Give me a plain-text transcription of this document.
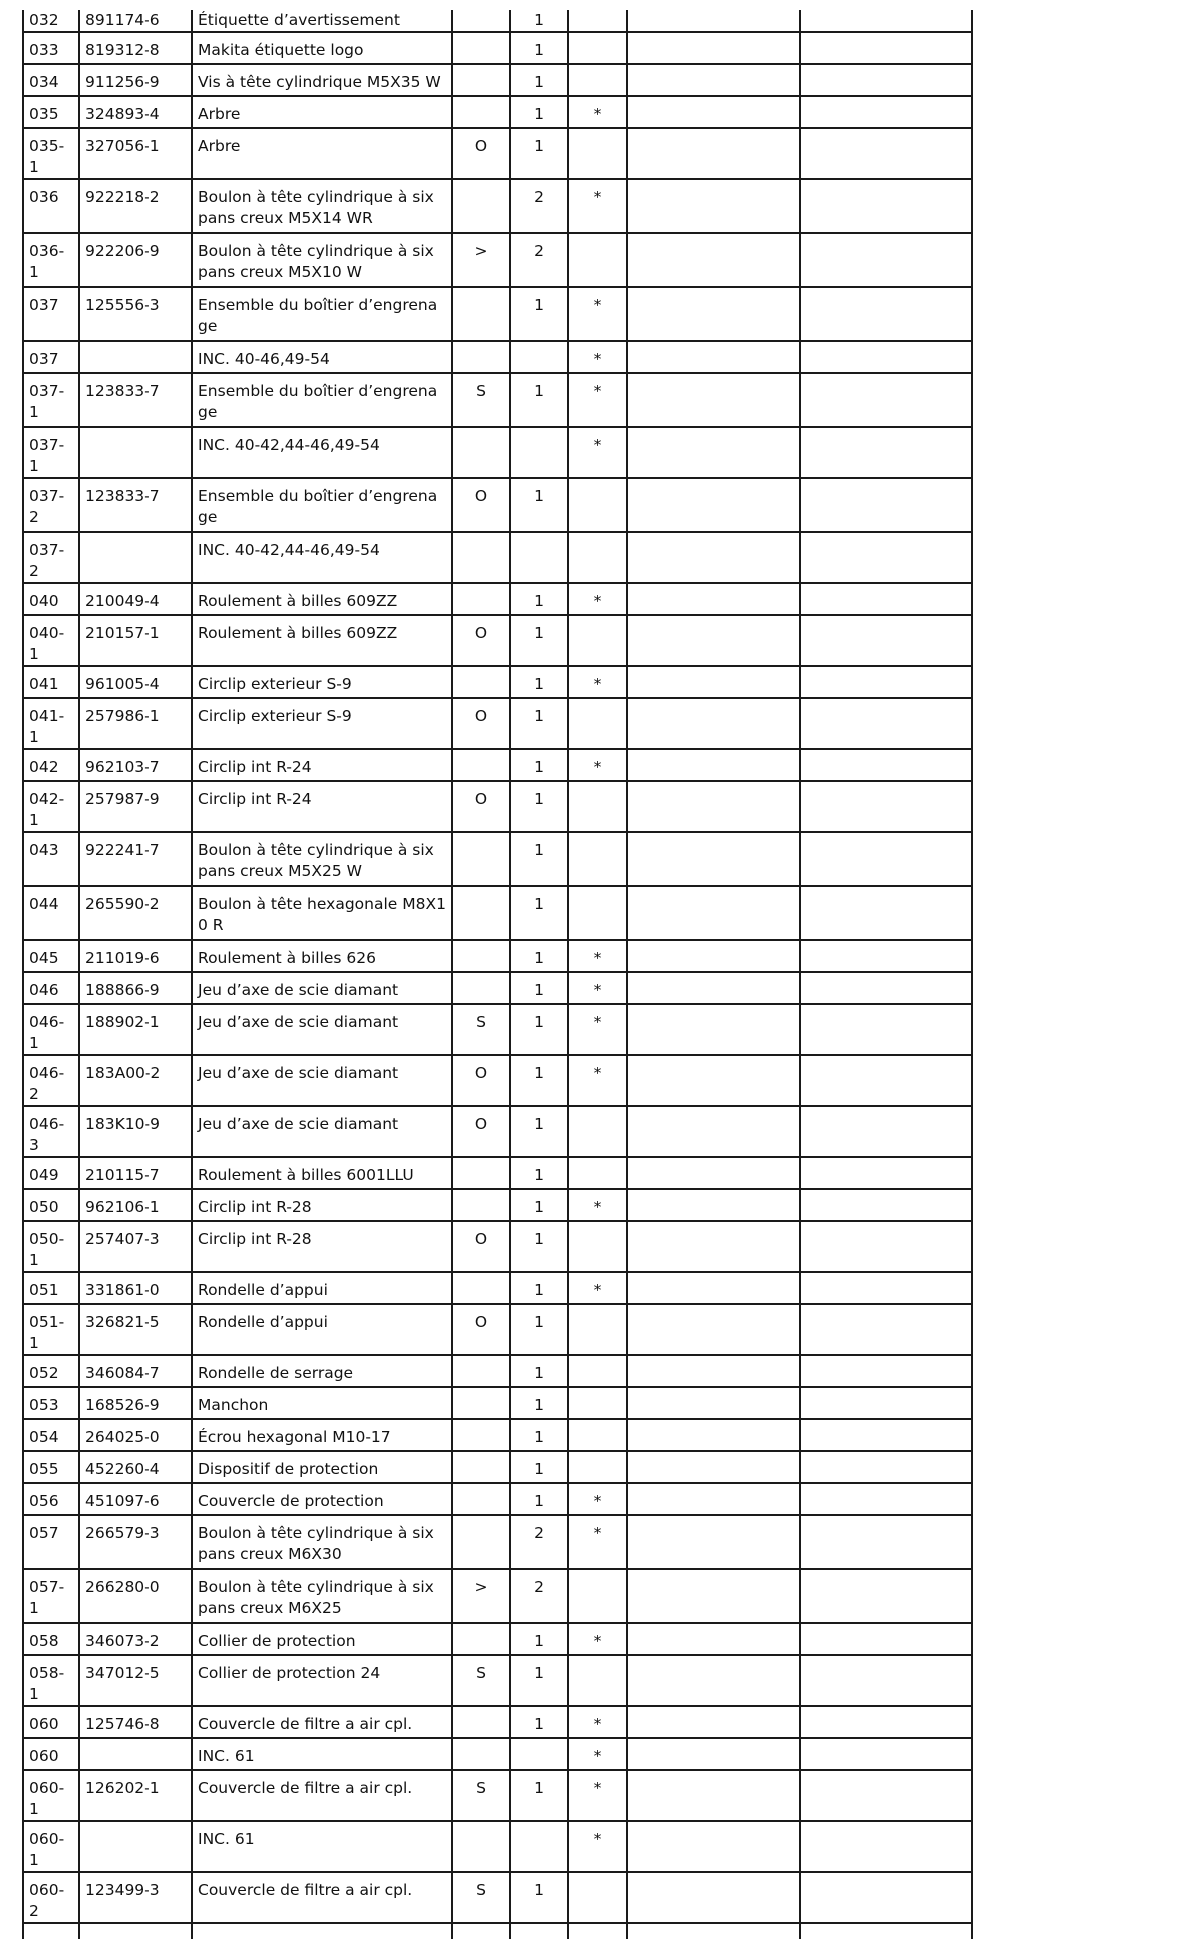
032	891174-6	Étiquette d’avertissement		1			
033	819312-8	Makita étiquette logo		1			
034	911256-9	Vis à tête cylindrique M5X35 W		1			
035	324893-4	Arbre		1	*		
035-1	327056-1	Arbre	O	1			
036	922218-2	Boulon à tête cylindrique à six pans creux M5X14 WR		2	*		
036-1	922206-9	Boulon à tête cylindrique à six pans creux M5X10 W	>	2			
037	125556-3	Ensemble du boîtier d’engrenage		1	*		
037		INC. 40-46,49-54			*		
037-1	123833-7	Ensemble du boîtier d’engrenage	S	1	*		
037-1		INC. 40-42,44-46,49-54			*		
037-2	123833-7	Ensemble du boîtier d’engrenage	O	1			
037-2		INC. 40-42,44-46,49-54					
040	210049-4	Roulement à billes 609ZZ		1	*		
040-1	210157-1	Roulement à billes 609ZZ	O	1			
041	961005-4	Circlip exterieur S-9		1	*		
041-1	257986-1	Circlip exterieur S-9	O	1			
042	962103-7	Circlip int R-24		1	*		
042-1	257987-9	Circlip int R-24	O	1			
043	922241-7	Boulon à tête cylindrique à six pans creux M5X25 W		1			
044	265590-2	Boulon à tête hexagonale M8X10 R		1			
045	211019-6	Roulement à billes 626		1	*		
046	188866-9	Jeu d’axe de scie diamant		1	*		
046-1	188902-1	Jeu d’axe de scie diamant	S	1	*		
046-2	183A00-2	Jeu d’axe de scie diamant	O	1	*		
046-3	183K10-9	Jeu d’axe de scie diamant	O	1			
049	210115-7	Roulement à billes 6001LLU		1			
050	962106-1	Circlip int R-28		1	*		
050-1	257407-3	Circlip int R-28	O	1			
051	331861-0	Rondelle d’appui		1	*		
051-1	326821-5	Rondelle d’appui	O	1			
052	346084-7	Rondelle de serrage		1			
053	168526-9	Manchon		1			
054	264025-0	Écrou hexagonal M10-17		1			
055	452260-4	Dispositif de protection		1			
056	451097-6	Couvercle de protection		1	*		
057	266579-3	Boulon à tête cylindrique à six pans creux M6X30		2	*		
057-1	266280-0	Boulon à tête cylindrique à six pans creux M6X25	>	2			
058	346073-2	Collier de protection		1	*		
058-1	347012-5	Collier de protection 24	S	1			
060	125746-8	Couvercle de filtre a air cpl.		1	*		
060		INC. 61			*		
060-1	126202-1	Couvercle de filtre a air cpl.	S	1	*		
060-1		INC. 61			*		
060-2	123499-3	Couvercle de filtre a air cpl.	S	1			
